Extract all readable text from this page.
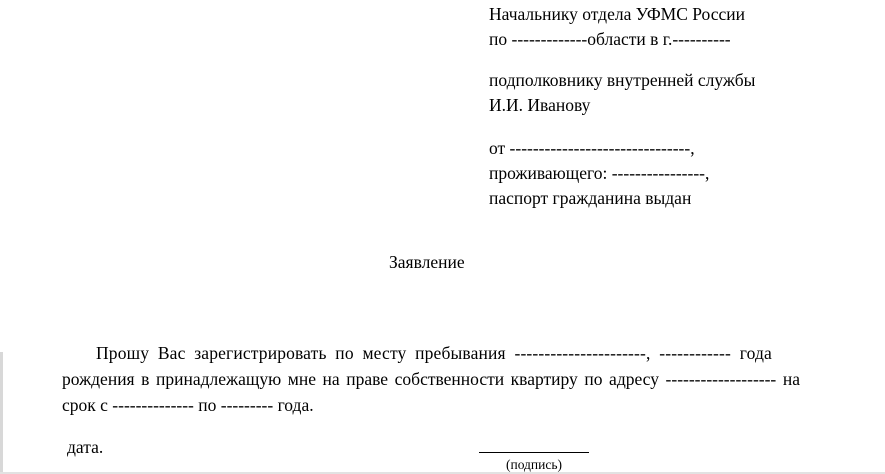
Начальнику отдела УФМС России
по -------------области в г.----------
подполковнику внутренней службы
И.И. Иванову
от -------------------------------,
проживающего: ----------------,
паспорт гражданина выдан
Заявление
Прошу Вас зарегистрировать по месту пребывания ----------------------, ------------ года
рождения в принадлежащую мне на праве собственности квартиру по адресу ------------------- на
срок с -------------- по --------- года.
дата.
(подпись)
